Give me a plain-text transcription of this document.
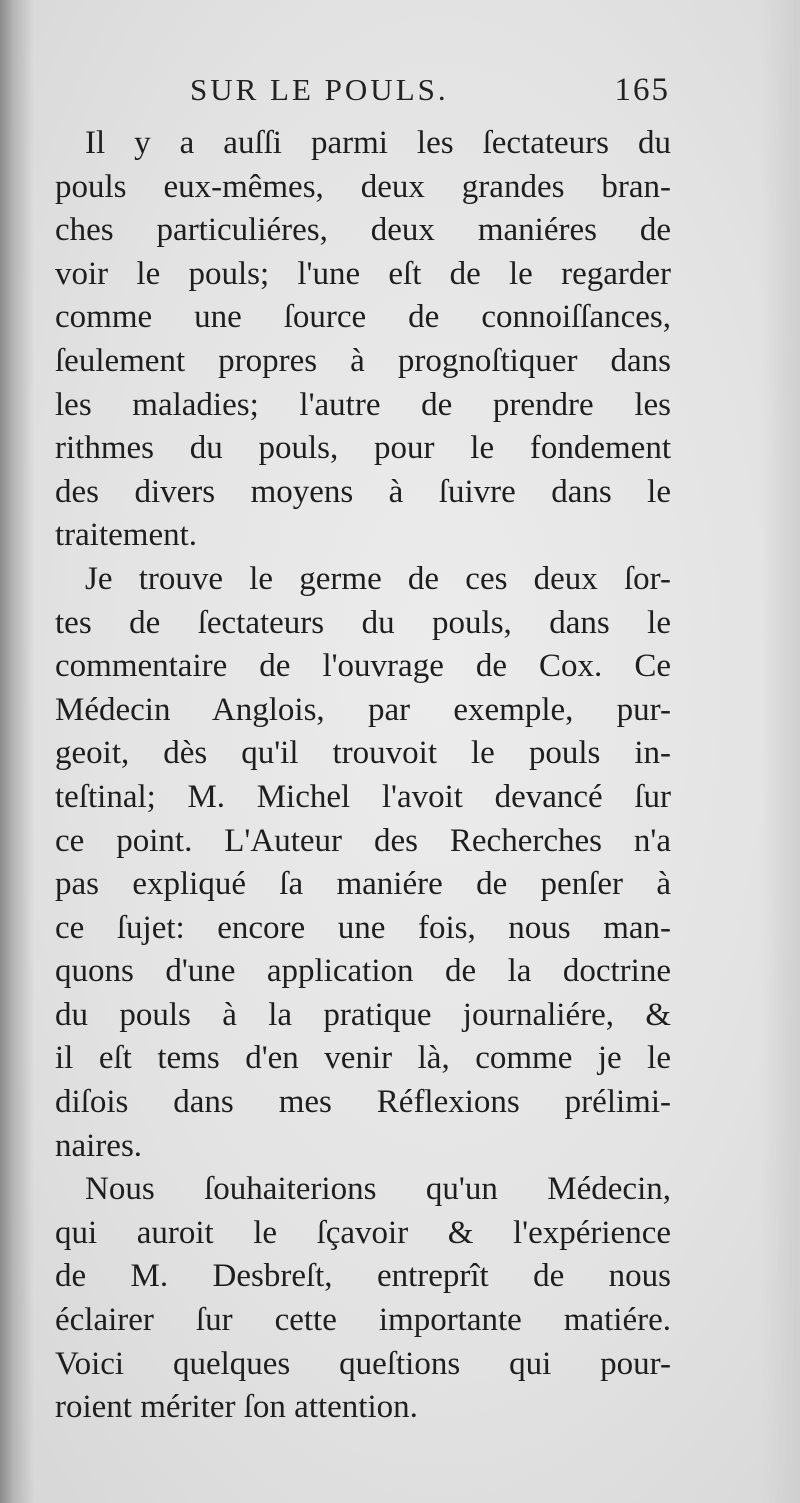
SUR LE POULS.	165
Il y a auſſi parmi les ſectateurs du
pouls eux-mêmes, deux grandes bran-
ches particuliéres, deux maniéres de
voir le pouls; l'une eſt de le regarder
comme une ſource de connoiſſances,
ſeulement propres à prognoſtiquer dans
les maladies; l'autre de prendre les
rithmes du pouls, pour le fondement
des divers moyens à ſuivre dans le
traitement.
Je trouve le germe de ces deux ſor-
tes de ſectateurs du pouls, dans le
commentaire de l'ouvrage de Cox. Ce
Médecin Anglois, par exemple, pur-
geoit, dès qu'il trouvoit le pouls in-
teſtinal; M. Michel l'avoit devancé ſur
ce point. L'Auteur des Recherches n'a
pas expliqué ſa maniére de penſer à
ce ſujet: encore une fois, nous man-
quons d'une application de la doctrine
du pouls à la pratique journaliére, &
il eſt tems d'en venir là, comme je le
diſois dans mes Réflexions prélimi-
naires.
Nous ſouhaiterions qu'un Médecin,
qui auroit le ſçavoir & l'expérience
de M. Desbreſt, entreprît de nous
éclairer ſur cette importante matiére.
Voici quelques queſtions qui pour-
roient mériter ſon attention.
